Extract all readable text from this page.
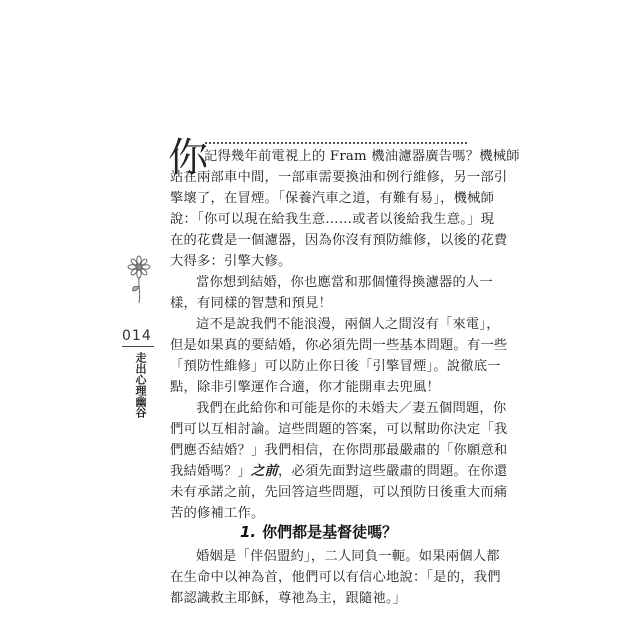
你
記得幾年前電視上的 Fram 機油濾器廣告嗎？機械師
站在兩部車中間，一部車需要換油和例行維修，另一部引
擎壞了，在冒煙。「保養汽車之道，有難有易」，機械師
說：「你可以現在給我生意……或者以後給我生意。」現
在的花費是一個濾器，因為你沒有預防維修，以後的花費
大得多：引擎大修。
當你想到結婚，你也應當和那個懂得換濾器的人一
樣，有同樣的智慧和預見！
這不是說我們不能浪漫，兩個人之間沒有「來電」，
但是如果真的要結婚，你必須先問一些基本問題。有一些
「預防性維修」可以防止你日後「引擎冒煙」。說徹底一
點，除非引擎運作合適，你才能開車去兜風！
我們在此給你和可能是你的未婚夫／妻五個問題，你
們可以互相討論。這些問題的答案，可以幫助你決定「我
們應否結婚？」我們相信，在你問那最嚴肅的「你願意和
我結婚嗎？」之前，必須先面對這些嚴肅的問題。在你還
未有承諾之前，先回答這些問題，可以預防日後重大而痛
苦的修補工作。
1. 你們都是基督徒嗎？
婚姻是「伴侶盟約」，二人同負一軛。如果兩個人都
在生命中以神為首，他們可以有信心地說：「是的，我們
都認識救主耶穌，尊祂為主，跟隨祂。」
014
走出心理幽谷
